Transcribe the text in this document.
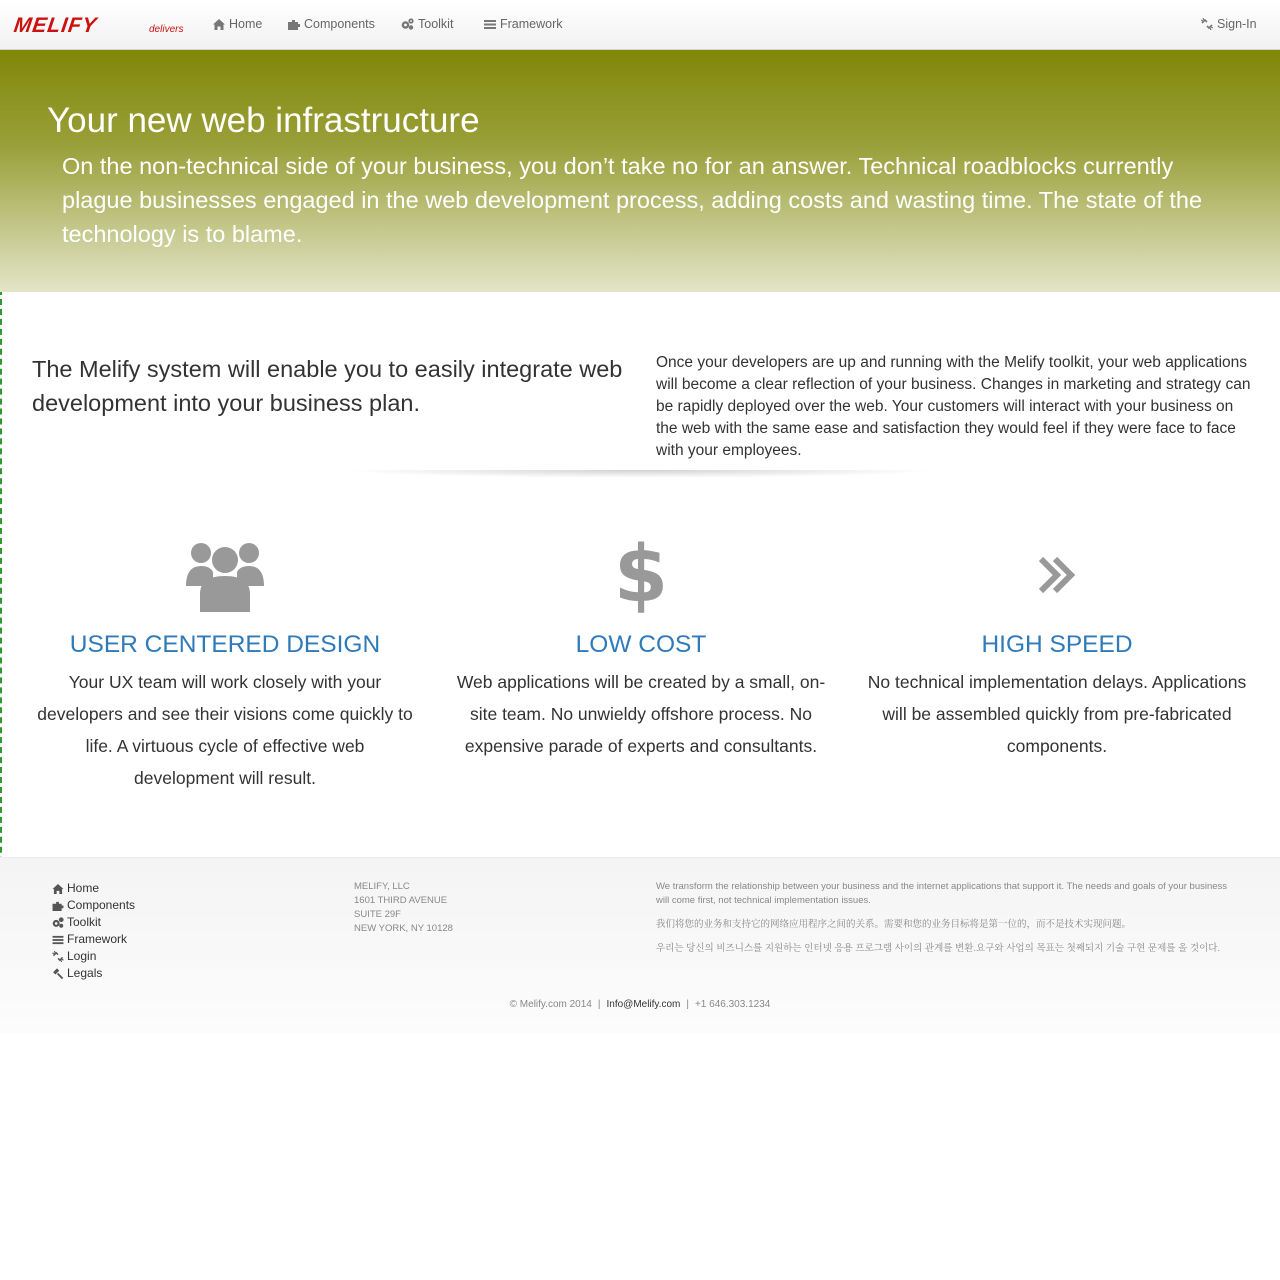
MELIFY	delivers	Home	Components	Toolkit	Framework	Sign-In
Your new web infrastructure

On the non-technical side of your business, you don’t take no for an answer. Technical roadblocks currently plague businesses engaged in the web development process, adding costs and wasting time. The state of the technology is to blame.

The Melify system will enable you to easily integrate web development into your business plan.

Once your developers are up and running with the Melify toolkit, your web applications will become a clear reflection of your business. Changes in marketing and strategy can be rapidly deployed over the web. Your customers will interact with your business on the web with the same ease and satisfaction they would feel if they were face to face with your employees.

USER CENTERED DESIGN

Your UX team will work closely with your developers and see their visions come quickly to life. A virtuous cycle of effective web development will result.

$
LOW COST

Web applications will be created by a small, on-site team. No unwieldy offshore process. No expensive parade of experts and consultants.

HIGH SPEED

No technical implementation delays. Applications will be assembled quickly from pre-fabricated components.

Home
Components
Toolkit
Framework
Login
Legals
MELIFY, LLC
1601 THIRD AVENUE
SUITE 29F
NEW YORK, NY 10128

We transform the relationship between your business and the internet applications that support it. The needs and goals of your business will come first, not technical implementation issues.

我们将您的业务和支持它的网络应用程序之间的关系。需要和您的业务目标将是第一位的，而不是技术实现问题。

우리는 당신의 비즈니스를 지원하는 인터넷 응용 프로그램 사이의 관계를 변환.요구와 사업의 목표는 첫째되지 기술 구현 문제를 올 것이다.

© Melify.com 2014 | Info@Melify.com | +1 646.303.1234
